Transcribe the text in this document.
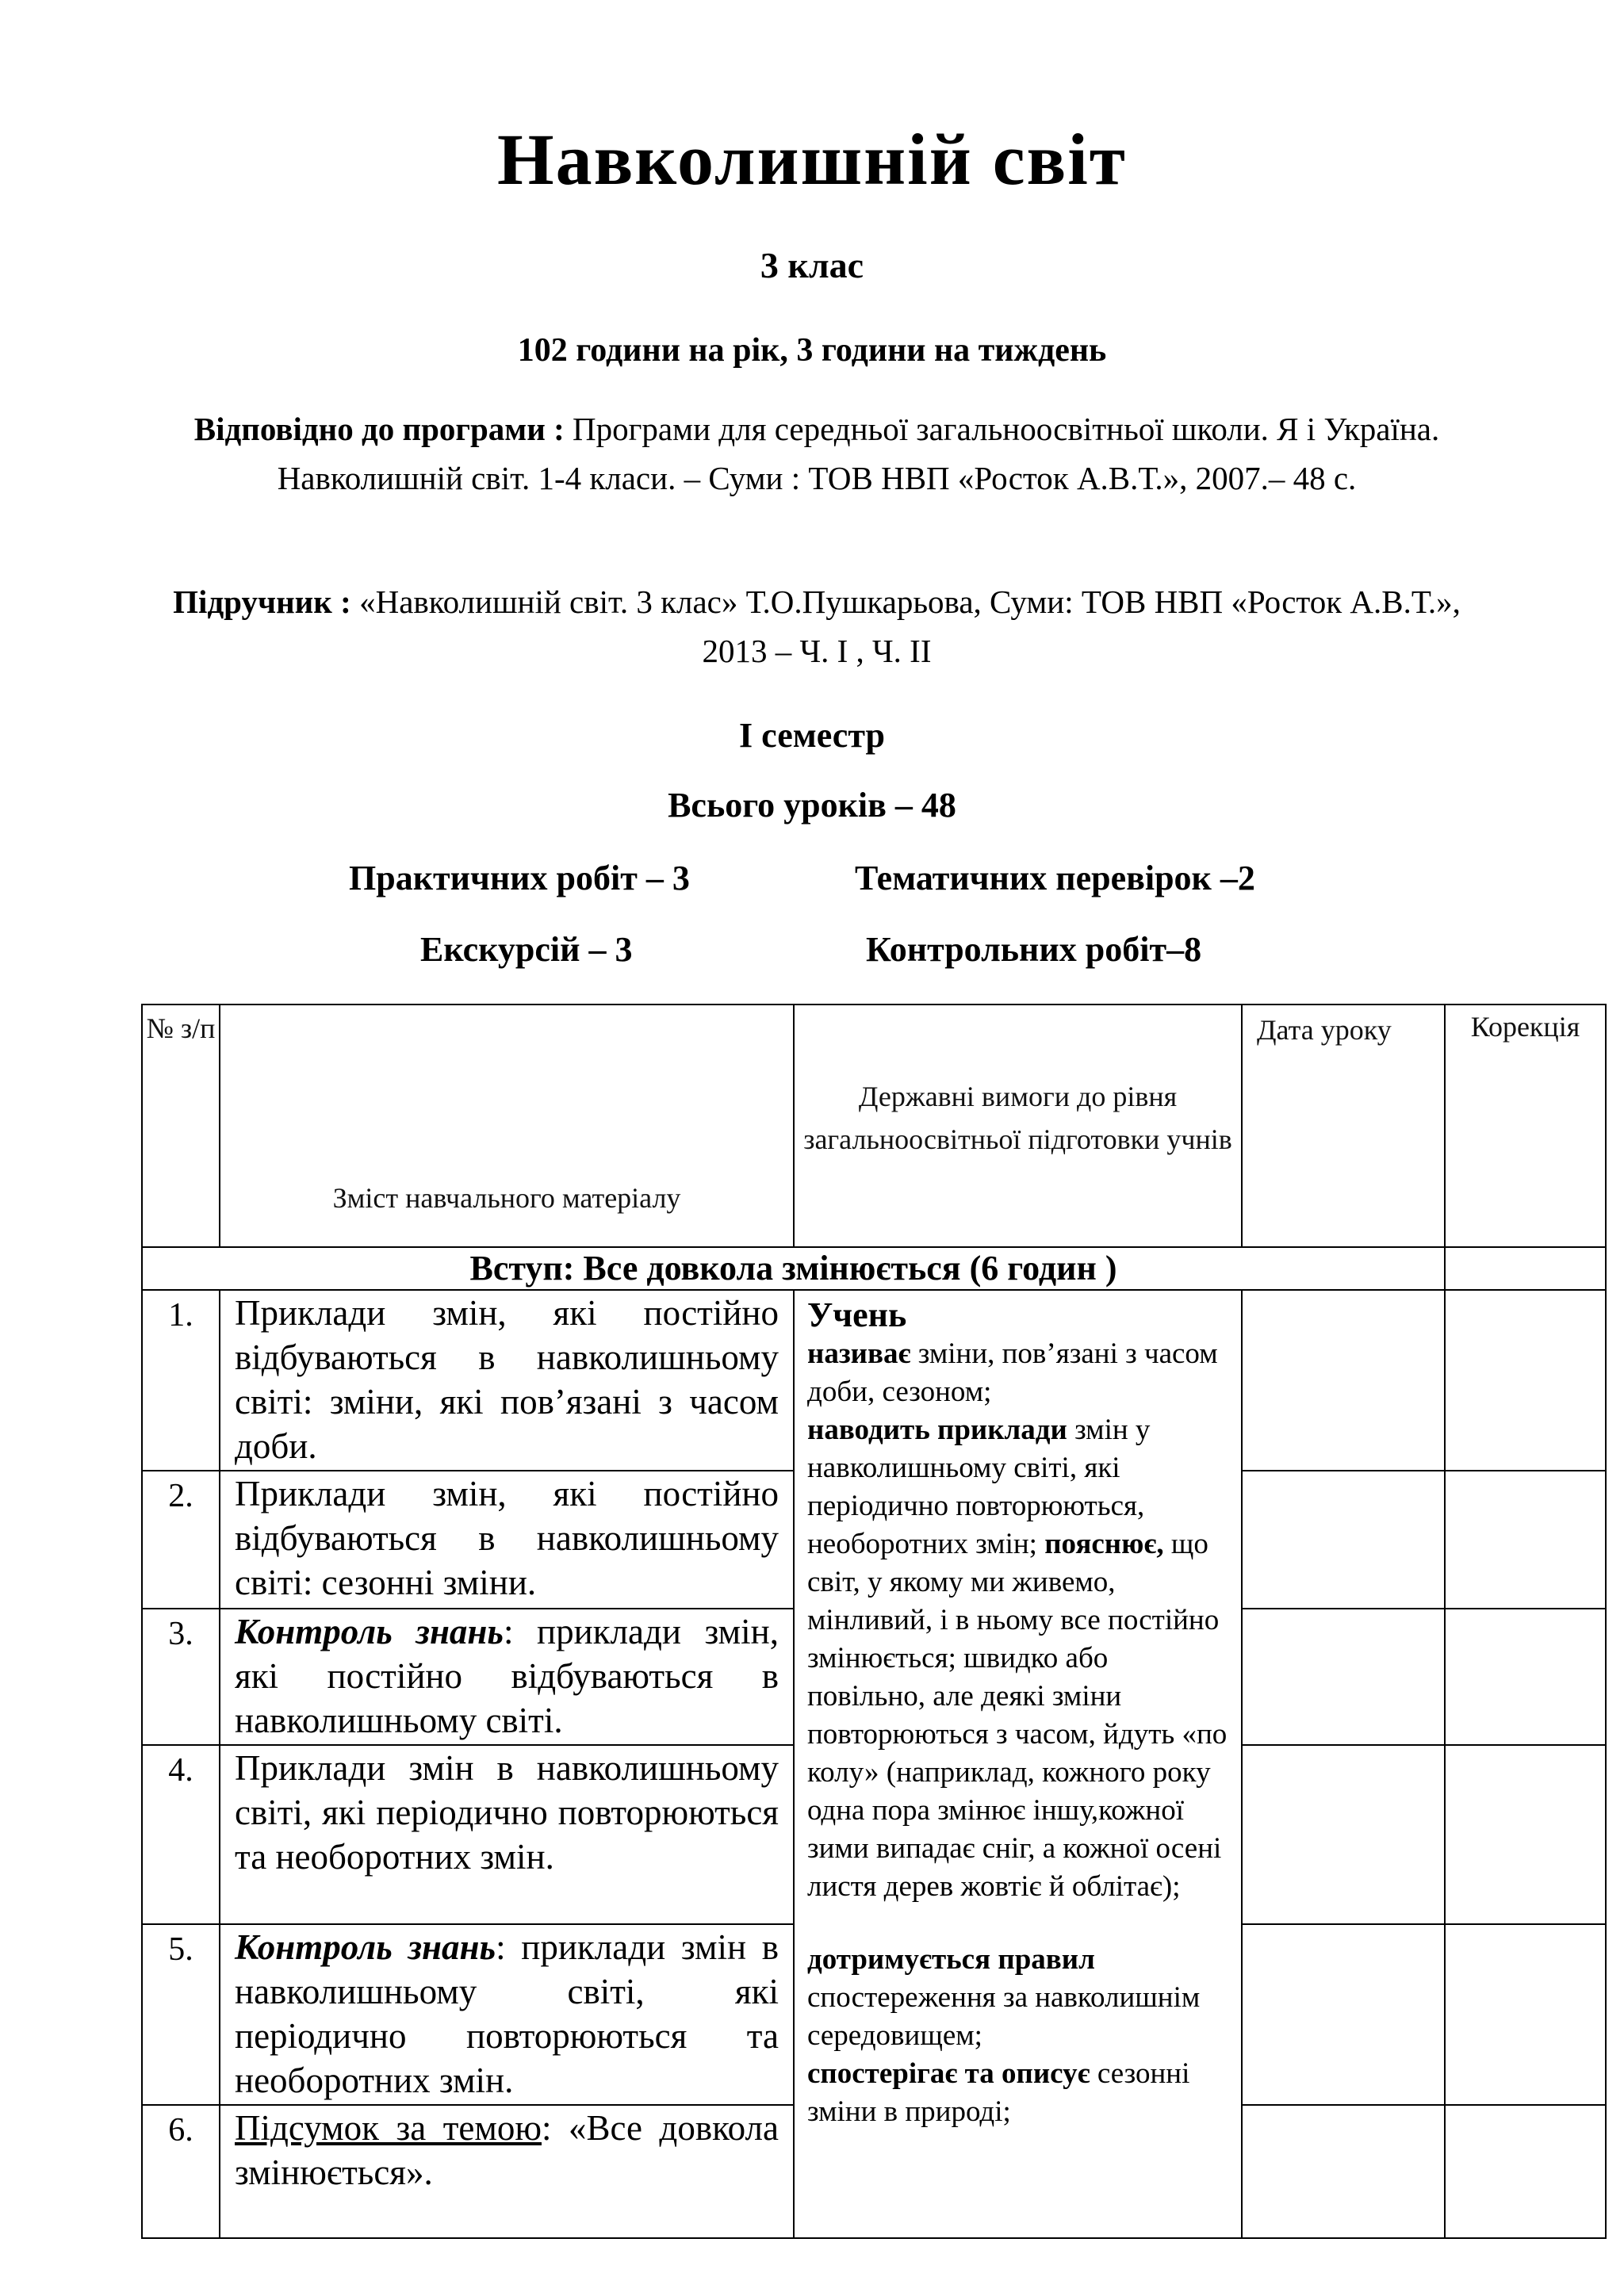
Навколишній світ
3 клас
102 години на рік, 3 години на тиждень
Відповідно до програми : Програми для середньої загальноосвітньої школи. Я і Україна. Навколишній світ. 1-4 класи. – Суми : ТОВ НВП «Росток А.В.Т.», 2007.– 48 с.
Підручник : «Навколишній світ. 3 клас» Т.О.Пушкарьова, Суми: ТОВ НВП «Росток А.В.Т.», 2013 – Ч. І , Ч. ІІ
І семестр
Всього уроків – 48
Практичних робіт – 3	Тематичних перевірок –2
Екскурсій – 3	Контрольних робіт–8
№ з/п	Зміст навчального матеріалу	Державні вимоги до рівня загальноосвітньої підготовки учнів	Дата уроку	Корекція
Вступ: Все довкола змінюється (6 годин )				
1.	Приклади змін, які постійно відбуваються в навколишньому світі: зміни, які пов’язані з часом доби.	Учень
називає зміни, пов’язані з часом доби, сезоном;
наводить приклади змін у навколишньому світі, які періодично повторюються, необоротних змін; пояснює, що світ, у якому ми живемо, мінливий, і в ньому все постійно змінюється; швидко або повільно, але деякі зміни повторюються з часом, йдуть «по колу» (наприклад, кожного року одна пора змінює іншу,кожної зими випадає сніг, а кожної осені листя дерев жовтіє й облітає);
дотримується правил спостереження за навколишнім середовищем;
спостерігає та описує сезонні зміни в природі;		

2.	Приклади змін, які постійно відбуваються в навколишньому світі: сезонні зміни.			
3.	Контроль знань: приклади змін, які постійно відбуваються в навколишньому світі.			
4.	Приклади змін в навколишньому світі, які періодично повторюються та необоротних змін.			
5.	Контроль знань: приклади змін в навколишньому світі, які періодично повторюються та необоротних змін.			
6.	Підсумок за темою: «Все довкола змінюється».			
